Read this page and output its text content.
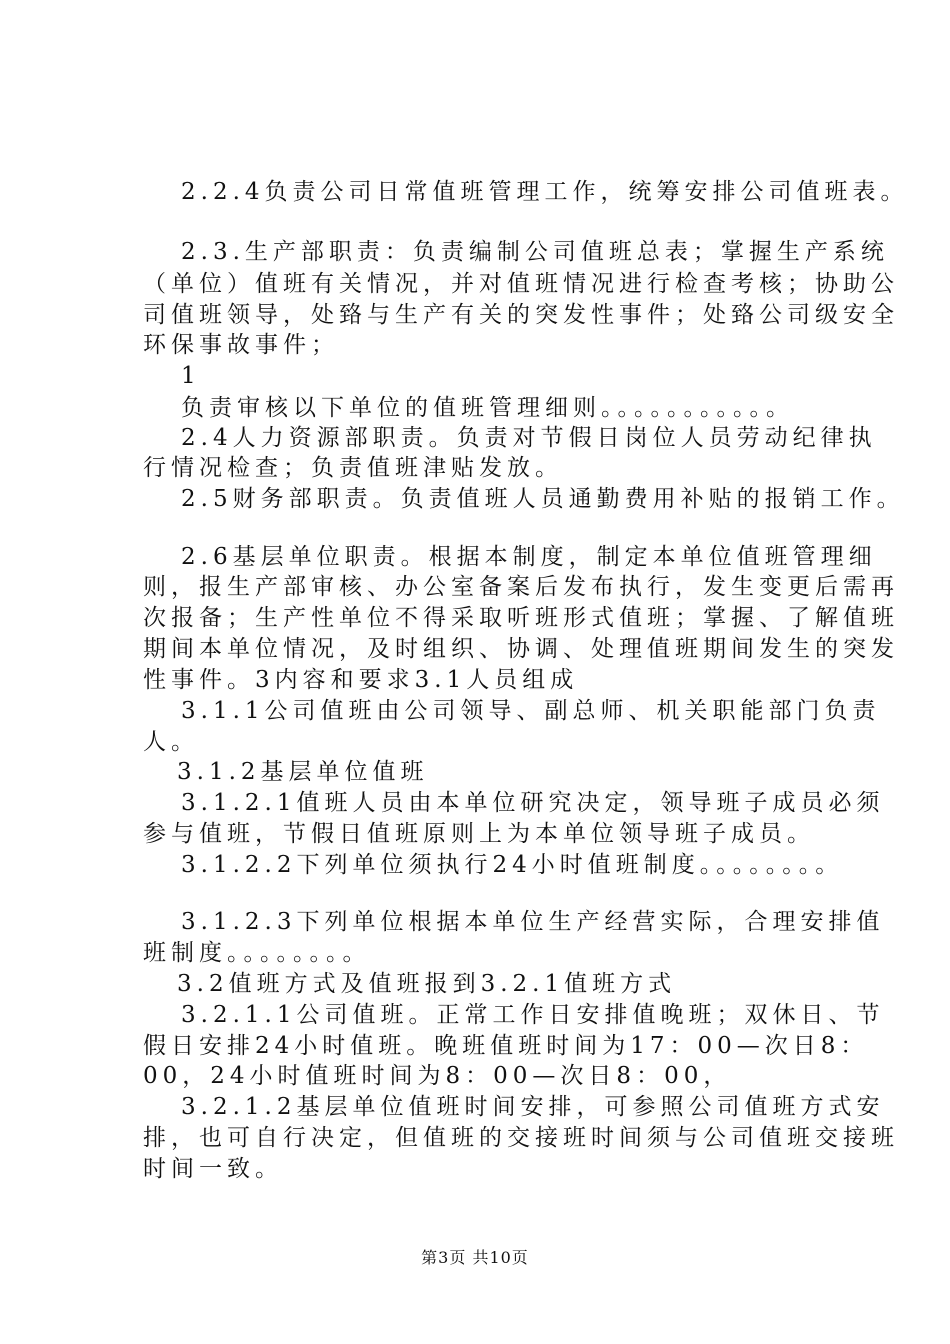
2.2.4负责公司日常值班管理工作，统筹安排公司值班表。
2.3.生产部职责：负责编制公司值班总表；掌握生产系统
（单位）值班有关情况，并对值班情况进行检查考核；协助公
司值班领导，处臵与生产有关的突发性事件；处臵公司级安全
环保事故事件；
1
负责审核以下单位的值班管理细则。。。。。。。。。。。
2.4人力资源部职责。负责对节假日岗位人员劳动纪律执
行情况检查；负责值班津贴发放。
2.5财务部职责。负责值班人员通勤费用补贴的报销工作。
2.6基层单位职责。根据本制度，制定本单位值班管理细
则，报生产部审核、办公室备案后发布执行，发生变更后需再
次报备；生产性单位不得采取听班形式值班；掌握、了解值班
期间本单位情况，及时组织、协调、处理值班期间发生的突发
性事件。3内容和要求3.1人员组成
3.1.1公司值班由公司领导、副总师、机关职能部门负责
人。
3.1.2基层单位值班
3.1.2.1值班人员由本单位研究决定，领导班子成员必须
参与值班，节假日值班原则上为本单位领导班子成员。
3.1.2.2下列单位须执行24小时值班制度。。。。。。。。
3.1.2.3下列单位根据本单位生产经营实际，合理安排值
班制度。。。。。。。。
3.2值班方式及值班报到3.2.1值班方式
3.2.1.1公司值班。正常工作日安排值晚班；双休日、节
假日安排24小时值班。晚班值班时间为17：00—次日8：
00，24小时值班时间为8：00—次日8：00，
3.2.1.2基层单位值班时间安排，可参照公司值班方式安
排，也可自行决定，但值班的交接班时间须与公司值班交接班
时间一致。
第3页 共10页
